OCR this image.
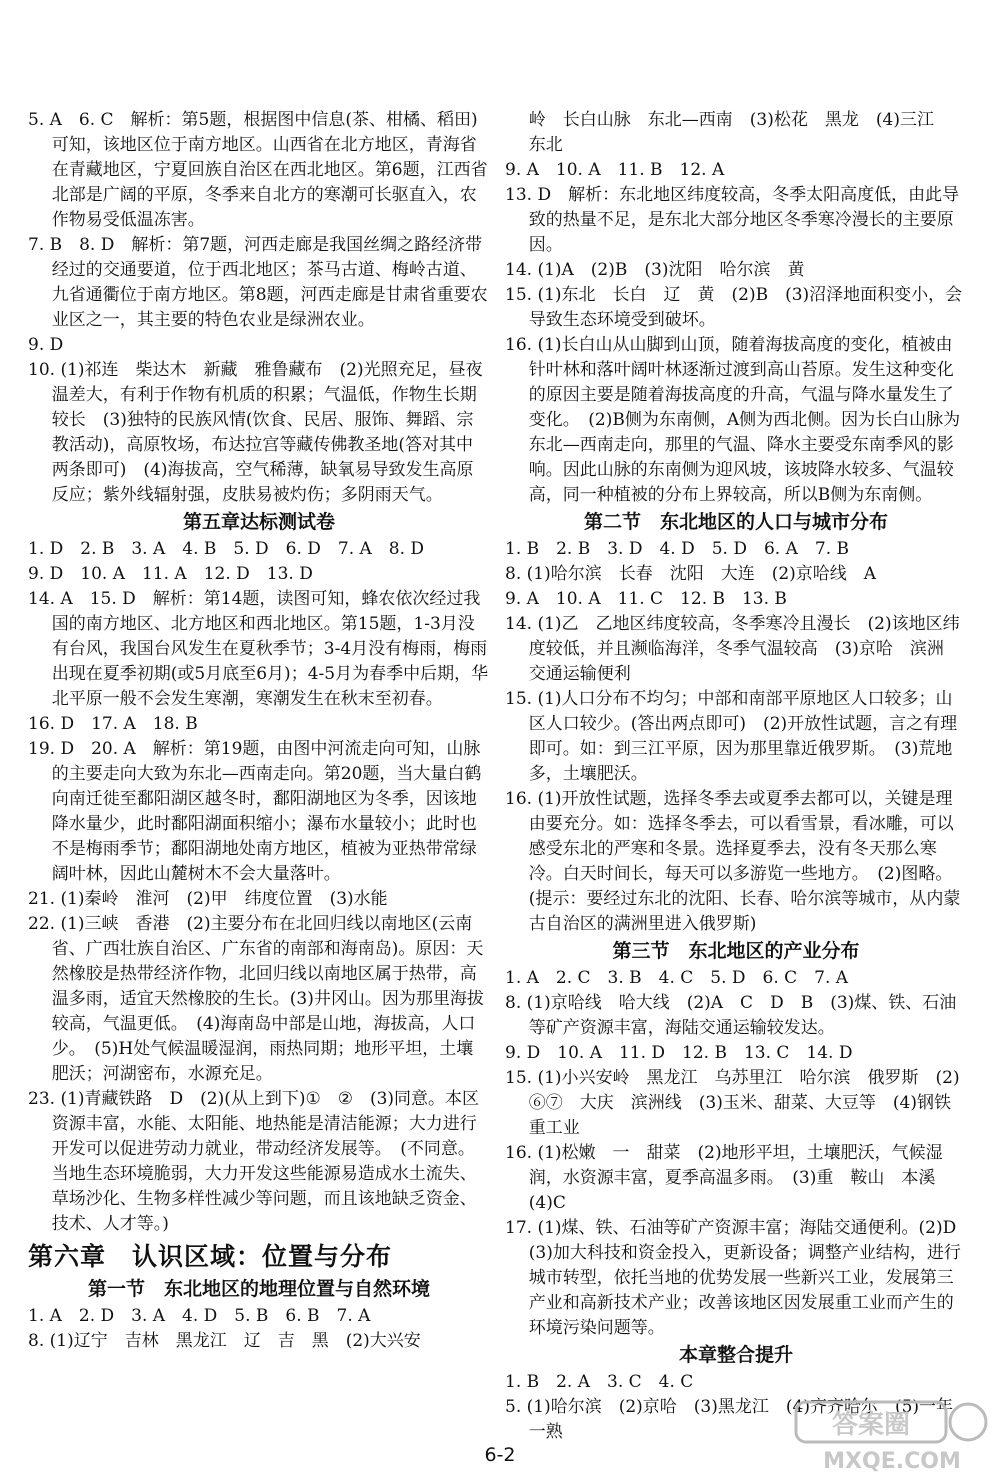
5. A　6. C　解析：第5题，根据图中信息(茶、柑橘、稻田)可知，该地区位于南方地区。山西省在北方地区，青海省在青藏地区，宁夏回族自治区在西北地区。第6题，江西省北部是广阔的平原，冬季来自北方的寒潮可长驱直入，农作物易受低温冻害。
7. B　8. D　解析：第7题，河西走廊是我国丝绸之路经济带经过的交通要道，位于西北地区；茶马古道、梅岭古道、九省通衢位于南方地区。第8题，河西走廊是甘肃省重要农业区之一，其主要的特色农业是绿洲农业。
9. D
10. (1)祁连　柴达木　新藏　雅鲁藏布　(2)光照充足，昼夜温差大，有利于作物有机质的积累；气温低，作物生长期较长　(3)独特的民族风情(饮食、民居、服饰、舞蹈、宗教活动)，高原牧场，布达拉宫等藏传佛教圣地(答对其中两条即可)　(4)海拔高，空气稀薄，缺氧易导致发生高原反应；紫外线辐射强，皮肤易被灼伤；多阴雨天气。
第五章达标测试卷
1. D　2. B　3. A　4. B　5. D　6. D　7. A　8. D
9. D　10. A　11. A　12. D　13. D
14. A　15. D　解析：第14题，读图可知，蜂农依次经过我国的南方地区、北方地区和西北地区。第15题，1-3月没有台风，我国台风发生在夏秋季节；3-4月没有梅雨，梅雨出现在夏季初期(或5月底至6月)；4-5月为春季中后期，华北平原一般不会发生寒潮，寒潮发生在秋末至初春。
16. D　17. A　18. B
19. D　20. A　解析：第19题，由图中河流走向可知，山脉的主要走向大致为东北—西南走向。第20题，当大量白鹤向南迁徙至鄱阳湖区越冬时，鄱阳湖地区为冬季，因该地降水量少，此时鄱阳湖面积缩小；瀑布水量较小；此时也不是梅雨季节；鄱阳湖地处南方地区，植被为亚热带常绿阔叶林，因此山麓树木不会大量落叶。
21. (1)秦岭　淮河　(2)甲　纬度位置　(3)水能
22. (1)三峡　香港　(2)主要分布在北回归线以南地区(云南省、广西壮族自治区、广东省的南部和海南岛)。原因：天然橡胶是热带经济作物，北回归线以南地区属于热带，高温多雨，适宜天然橡胶的生长。(3)井冈山。因为那里海拔较高，气温更低。　(4)海南岛中部是山地，海拔高，人口少。　(5)H处气候温暖湿润，雨热同期；地形平坦，土壤肥沃；河湖密布，水源充足。
23. (1)青藏铁路　D　(2)(从上到下)①　②　(3)同意。本区资源丰富，水能、太阳能、地热能是清洁能源；大力进行开发可以促进劳动力就业，带动经济发展等。　(不同意。当地生态环境脆弱，大力开发这些能源易造成水土流失、草场沙化、生物多样性减少等问题，而且该地缺乏资金、技术、人才等。)
第六章　认识区域：位置与分布
第一节　东北地区的地理位置与自然环境
1. A　2. D　3. A　4. D　5. B　6. B　7. A
8. (1)辽宁　吉林　黑龙江　辽　吉　黑　(2)大兴安
岭　长白山脉　东北—西南　(3)松花　黑龙　(4)三江　东北
9. A　10. A　11. B　12. A
13. D　解析：东北地区纬度较高，冬季太阳高度低，由此导致的热量不足，是东北大部分地区冬季寒冷漫长的主要原因。
14. (1)A　(2)B　(3)沈阳　哈尔滨　黄
15. (1)东北　长白　辽　黄　(2)B　(3)沼泽地面积变小，会导致生态环境受到破坏。
16. (1)长白山从山脚到山顶，随着海拔高度的变化，植被由针叶林和落叶阔叶林逐渐过渡到高山苔原。发生这种变化的原因主要是随着海拔高度的升高，气温与降水量发生了变化。　(2)B侧为东南侧，A侧为西北侧。因为长白山脉为东北—西南走向，那里的气温、降水主要受东南季风的影响。因此山脉的东南侧为迎风坡，该坡降水较多、气温较高，同一种植被的分布上界较高，所以B侧为东南侧。
第二节　东北地区的人口与城市分布
1. B　2. B　3. D　4. D　5. D　6. A　7. B
8. (1)哈尔滨　长春　沈阳　大连　(2)京哈线　A
9. A　10. A　11. C　12. B　13. B
14. (1)乙　乙地区纬度较高，冬季寒冷且漫长　(2)该地区纬度较低，并且濒临海洋，冬季气温较高　(3)京哈　滨洲　交通运输便利
15. (1)人口分布不均匀；中部和南部平原地区人口较多；山区人口较少。(答出两点即可)　(2)开放性试题，言之有理即可。如：到三江平原，因为那里靠近俄罗斯。　(3)荒地多，土壤肥沃。
16. (1)开放性试题，选择冬季去或夏季去都可以，关键是理由要充分。如：选择冬季去，可以看雪景，看冰雕，可以感受东北的严寒和冬景。选择夏季去，没有冬天那么寒冷。白天时间长，每天可以多游览一些地方。　(2)图略。(提示：要经过东北的沈阳、长春、哈尔滨等城市，从内蒙古自治区的满洲里进入俄罗斯)
第三节　东北地区的产业分布
1. A　2. C　3. B　4. C　5. D　6. C　7. A
8. (1)京哈线　哈大线　(2)A　C　D　B　(3)煤、铁、石油等矿产资源丰富，海陆交通运输较发达。
9. D　10. A　11. D　12. B　13. C　14. D
15. (1)小兴安岭　黑龙江　乌苏里江　哈尔滨　俄罗斯　(2)⑥⑦　大庆　滨洲线　(3)玉米、甜菜、大豆等　(4)钢铁　重工业
16. (1)松嫩　一　甜菜　(2)地形平坦，土壤肥沃，气候湿润，水资源丰富，夏季高温多雨。　(3)重　鞍山　本溪　(4)C
17. (1)煤、铁、石油等矿产资源丰富；海陆交通便利。(2)D　(3)加大科技和资金投入，更新设备；调整产业结构，进行城市转型，依托当地的优势发展一些新兴工业，发展第三产业和高新技术产业；改善该地区因发展重工业而产生的环境污染问题等。
本章整合提升
1. B　2. A　3. C　4. C
5. (1)哈尔滨　(2)京哈　(3)黑龙江　(4)齐齐哈尔　(5)一年一熟
6-2
答案圈
MXQE.COM
